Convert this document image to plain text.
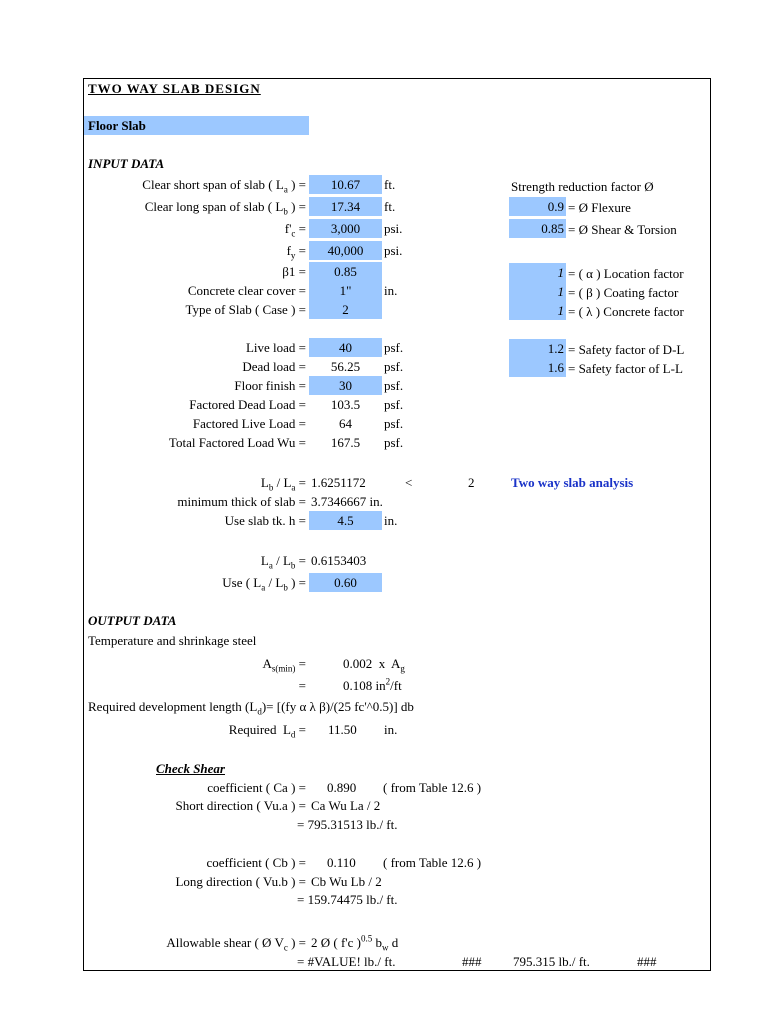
TWO WAY SLAB DESIGN
Floor Slab
INPUT DATA
Clear short span of slab ( $L_a$ ) =	10.67	ft.
Clear long span of slab ( $L_b$ ) =	17.34	ft.
$f'_c$ =	3,000	psi.
$f_y$ =	40,000	psi.
β1 =	0.85
Concrete clear cover =	1"	in.
Type of Slab ( Case ) =	2
Strength reduction factor Ø
0.9 = Ø Flexure
0.85 = Ø Shear & Torsion
1 = ( α ) Location factor
1 = ( β ) Coating factor
1 = ( λ ) Concrete factor
1.2 = Safety factor of D-L
1.6 = Safety factor of L-L
Live load =	40	psf.
Dead load =	56.25	psf.
Floor finish =	30	psf.
Factored Dead Load =	103.5	psf.
Factored Live Load =	64	psf.
Total Factored Load Wu =	167.5	psf.
$L_b / L_a = 1.6251172$	<	2	Two way slab analysis
minimum thick of slab = 3.7346667 in.
Use slab tk. h =	4.5	in.
$L_a / L_b = 0.6153403$
Use ( $L_a / L_b$ ) =	0.60
OUTPUT DATA
Temperature and shrinkage steel
$A_{s(min)}$ =	0.002 x  $A_g$
=	0.108 $in^2/ft$
Required development length $(L_d)= [(fy$ α λ β)/(25 fc'^0.5)] db
Required  $L_d = 11.50$ in.
Check Shear
coefficient ( Ca ) = 0.890 ( from Table 12.6 )
Short direction ( Vu.a ) = Ca Wu La / 2
= 795.31513 lb./ ft.
coefficient ( Cb ) = 0.110 ( from Table 12.6 )
Long direction ( Vu.b ) = Cb Wu Lb / 2
= 159.74475 lb./ ft.
Allowable shear ( Ø $V_c$ ) = 2 Ø ( f'c )$^{0.5}$ $b_w$ d
= #VALUE! lb./ ft.	### 795.315 lb./ ft.	###
